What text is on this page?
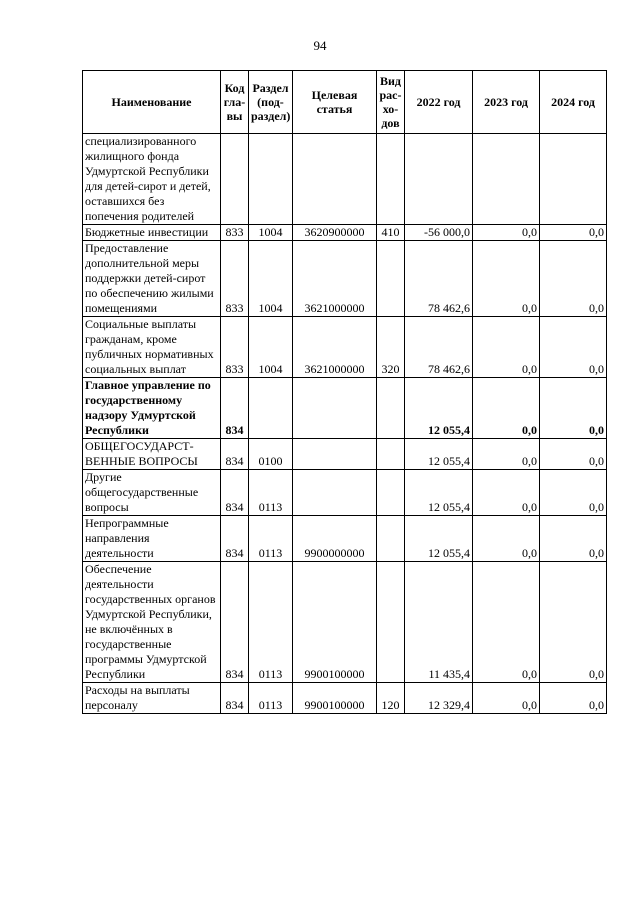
94
Наименование	Код гла- вы	Раздел (под- раздел)	Целевая статья	Вид рас- хо- дов	2022 год	2023 год	2024 год
специализированного жилищного фонда Удмуртской Республики для детей-сирот и детей, оставшихся без попечения родителей							
Бюджетные инвестиции	833	1004	3620900000	410	-56 000,0	0,0	0,0
Предоставление дополнительной меры поддержки детей-сирот по обеспечению жилыми помещениями	833	1004	3621000000		78 462,6	0,0	0,0
Социальные выплаты гражданам, кроме публичных нормативных социальных выплат	833	1004	3621000000	320	78 462,6	0,0	0,0
Главное управление по государственному надзору Удмуртской Республики	834				12 055,4	0,0	0,0
ОБЩЕГОСУДАРСТ-ВЕННЫЕ ВОПРОСЫ	834	0100			12 055,4	0,0	0,0
Другие общегосударственные вопросы	834	0113			12 055,4	0,0	0,0
Непрограммные направления деятельности	834	0113	9900000000		12 055,4	0,0	0,0
Обеспечение деятельности государственных органов Удмуртской Республики, не включённых в государственные программы Удмуртской Республики	834	0113	9900100000		11 435,4	0,0	0,0
Расходы на выплаты персоналу	834	0113	9900100000	120	12 329,4	0,0	0,0
